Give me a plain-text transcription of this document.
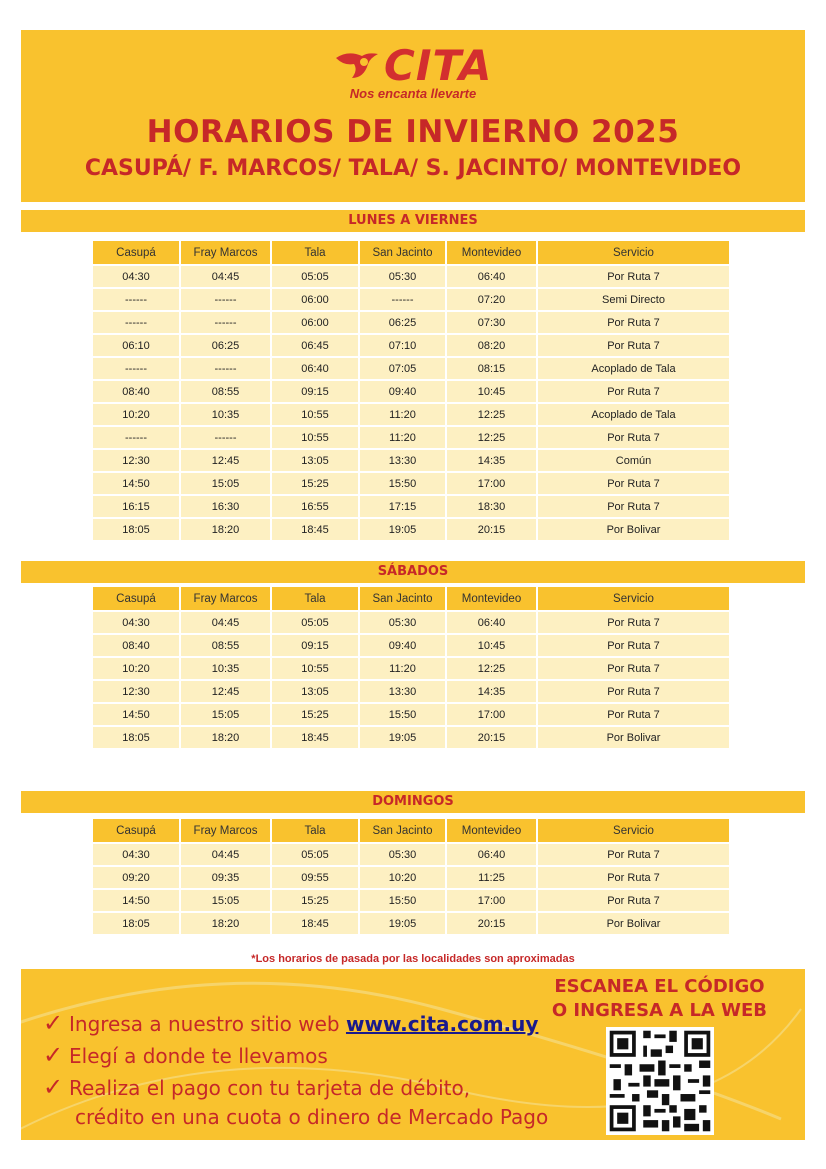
CITA
Nos encanta llevarte
HORARIOS DE INVIERNO 2025
CASUPÁ/ F. MARCOS/ TALA/ S. JACINTO/ MONTEVIDEO
LUNES A VIERNES
Casupá	Fray Marcos	Tala	San Jacinto	Montevideo	Servicio
04:30	04:45	05:05	05:30	06:40	Por Ruta 7
------	------	06:00	------	07:20	Semi Directo
------	------	06:00	06:25	07:30	Por Ruta 7
06:10	06:25	06:45	07:10	08:20	Por Ruta 7
------	------	06:40	07:05	08:15	Acoplado de Tala
08:40	08:55	09:15	09:40	10:45	Por Ruta 7
10:20	10:35	10:55	11:20	12:25	Acoplado de Tala
------	------	10:55	11:20	12:25	Por Ruta 7
12:30	12:45	13:05	13:30	14:35	Común
14:50	15:05	15:25	15:50	17:00	Por Ruta 7
16:15	16:30	16:55	17:15	18:30	Por Ruta 7
18:05	18:20	18:45	19:05	20:15	Por Bolivar
SÁBADOS
Casupá	Fray Marcos	Tala	San Jacinto	Montevideo	Servicio
04:30	04:45	05:05	05:30	06:40	Por Ruta 7
08:40	08:55	09:15	09:40	10:45	Por Ruta 7
10:20	10:35	10:55	11:20	12:25	Por Ruta 7
12:30	12:45	13:05	13:30	14:35	Por Ruta 7
14:50	15:05	15:25	15:50	17:00	Por Ruta 7
18:05	18:20	18:45	19:05	20:15	Por Bolivar
DOMINGOS
Casupá	Fray Marcos	Tala	San Jacinto	Montevideo	Servicio
04:30	04:45	05:05	05:30	06:40	Por Ruta 7
09:20	09:35	09:55	10:20	11:25	Por Ruta 7
14:50	15:05	15:25	15:50	17:00	Por Ruta 7
18:05	18:20	18:45	19:05	20:15	Por Bolivar
*Los horarios de pasada por las localidades son aproximadas
ESCANEA EL CÓDIGO
O INGRESA A LA WEB
✓ Ingresa a nuestro sitio web www.cita.com.uy
✓ Elegí a donde te llevamos
✓ Realiza el pago con tu tarjeta de débito,
crédito en una cuota o dinero de Mercado Pago
